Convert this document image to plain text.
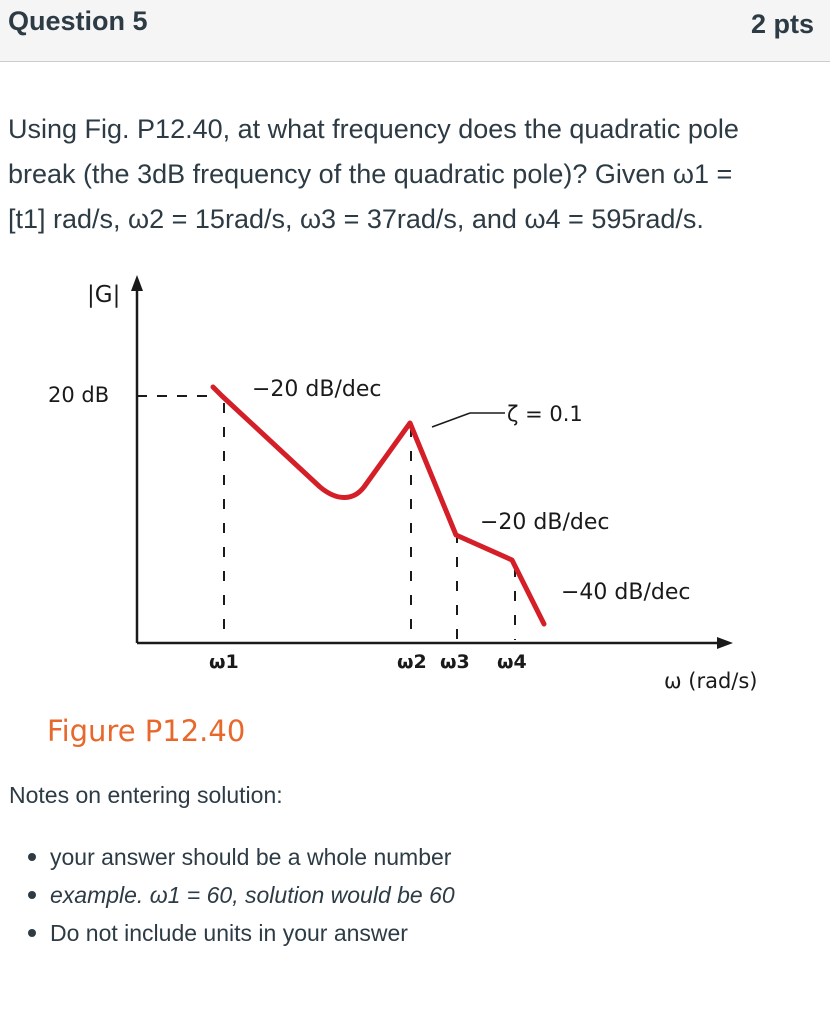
Question 5	2 pts
Using Fig. P12.40, at what frequency does the quadratic pole
break (the 3dB frequency of the quadratic pole)? Given ω1 =
[t1] rad/s, ω2 = 15rad/s, ω3 = 37rad/s, and ω4 = 595rad/s.
|G|
20 dB	−20 dB/dec
ζ = 0.1
−20 dB/dec
−40 dB/dec
ω1	ω2 ω3 ω4
ω (rad/s)
Figure P12.40
Notes on entering solution:
your answer should be a whole number
example. ω1 = 60, solution would be 60
Do not include units in your answer
